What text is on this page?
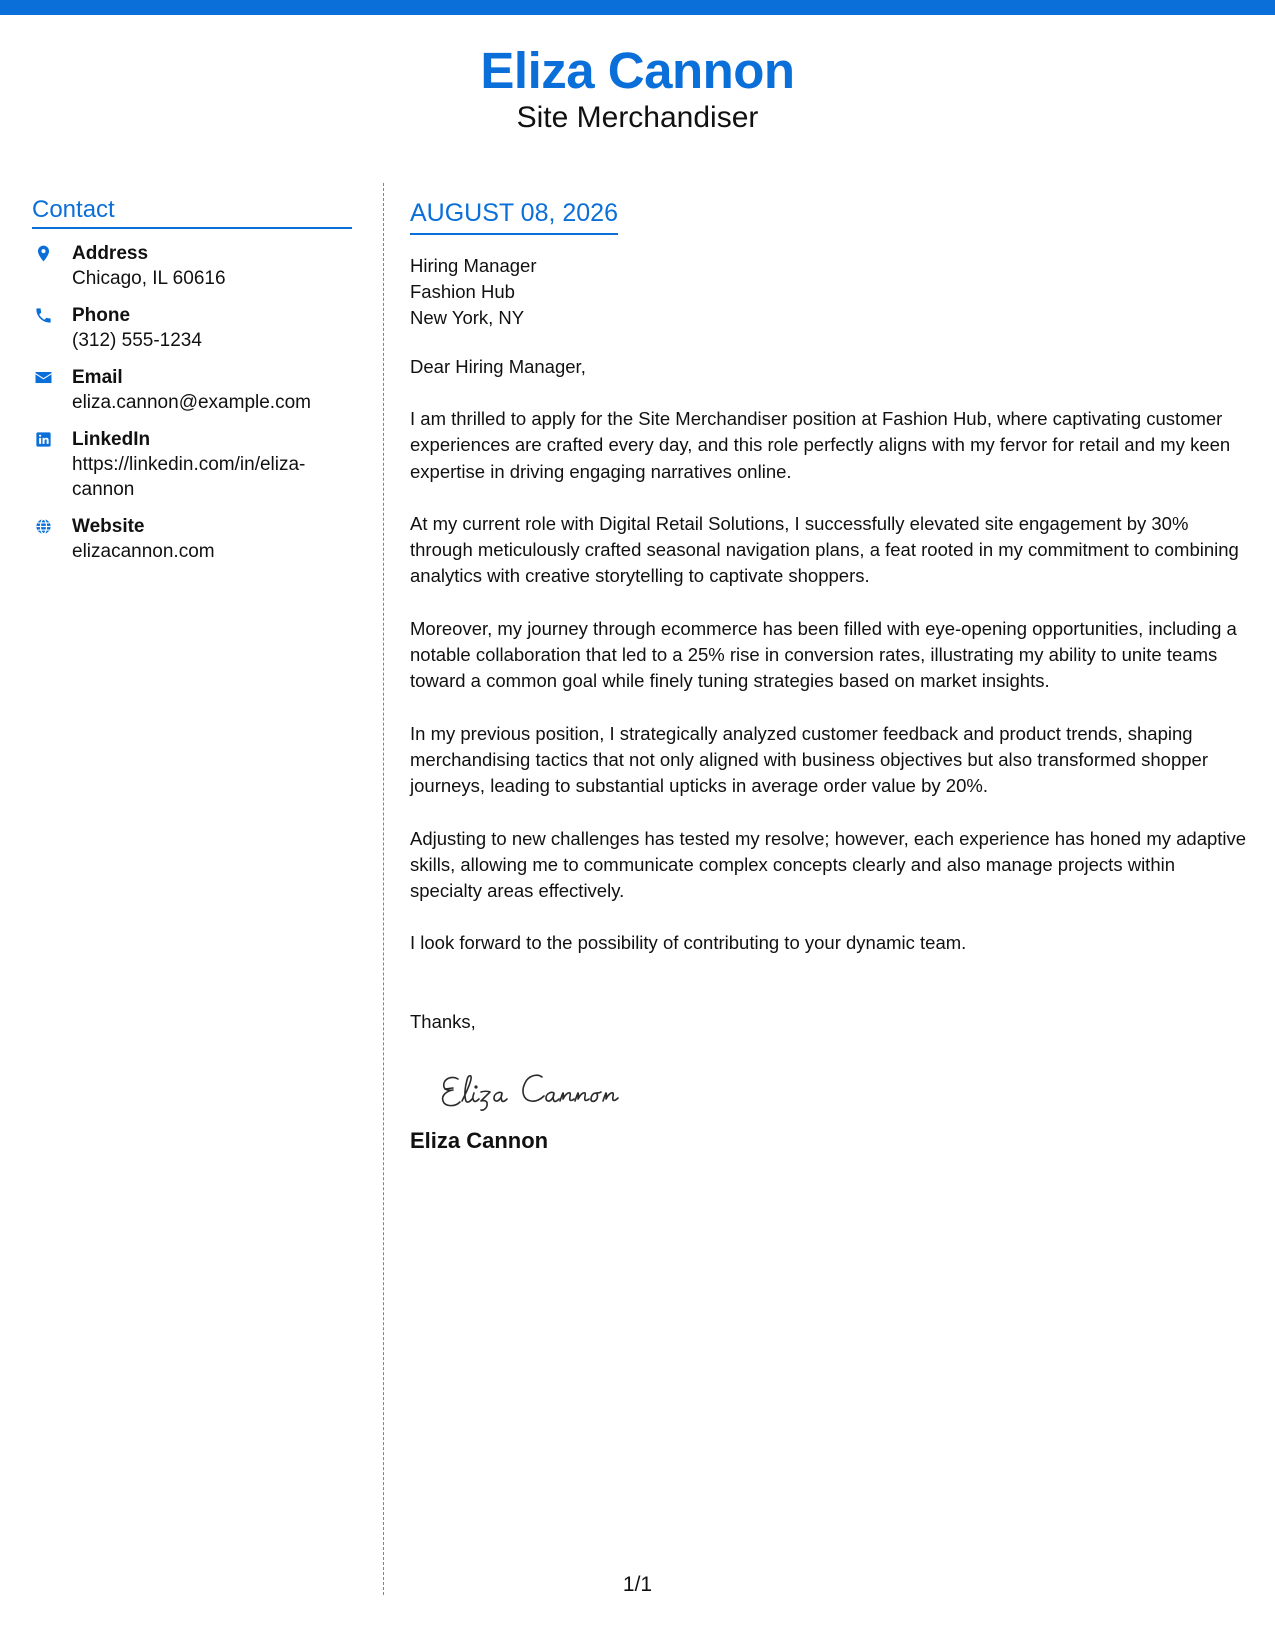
Eliza Cannon
Site Merchandiser
Contact
Address
Chicago, IL 60616
Phone
(312) 555-1234
Email
eliza.cannon@example.com
LinkedIn
https://linkedin.com/in/eliza-cannon
Website
elizacannon.com
AUGUST 08, 2026
Hiring Manager
Fashion Hub
New York, NY
Dear Hiring Manager,
I am thrilled to apply for the Site Merchandiser position at Fashion Hub, where captivating customer experiences are crafted every day, and this role perfectly aligns with my fervor for retail and my keen expertise in driving engaging narratives online.
At my current role with Digital Retail Solutions, I successfully elevated site engagement by 30% through meticulously crafted seasonal navigation plans, a feat rooted in my commitment to combining analytics with creative storytelling to captivate shoppers.
Moreover, my journey through ecommerce has been filled with eye-opening opportunities, including a notable collaboration that led to a 25% rise in conversion rates, illustrating my ability to unite teams toward a common goal while finely tuning strategies based on market insights.
In my previous position, I strategically analyzed customer feedback and product trends, shaping merchandising tactics that not only aligned with business objectives but also transformed shopper journeys, leading to substantial upticks in average order value by 20%.
Adjusting to new challenges has tested my resolve; however, each experience has honed my adaptive skills, allowing me to communicate complex concepts clearly and also manage projects within specialty areas effectively.
I look forward to the possibility of contributing to your dynamic team.
Thanks,
Eliza Cannon
1/1
